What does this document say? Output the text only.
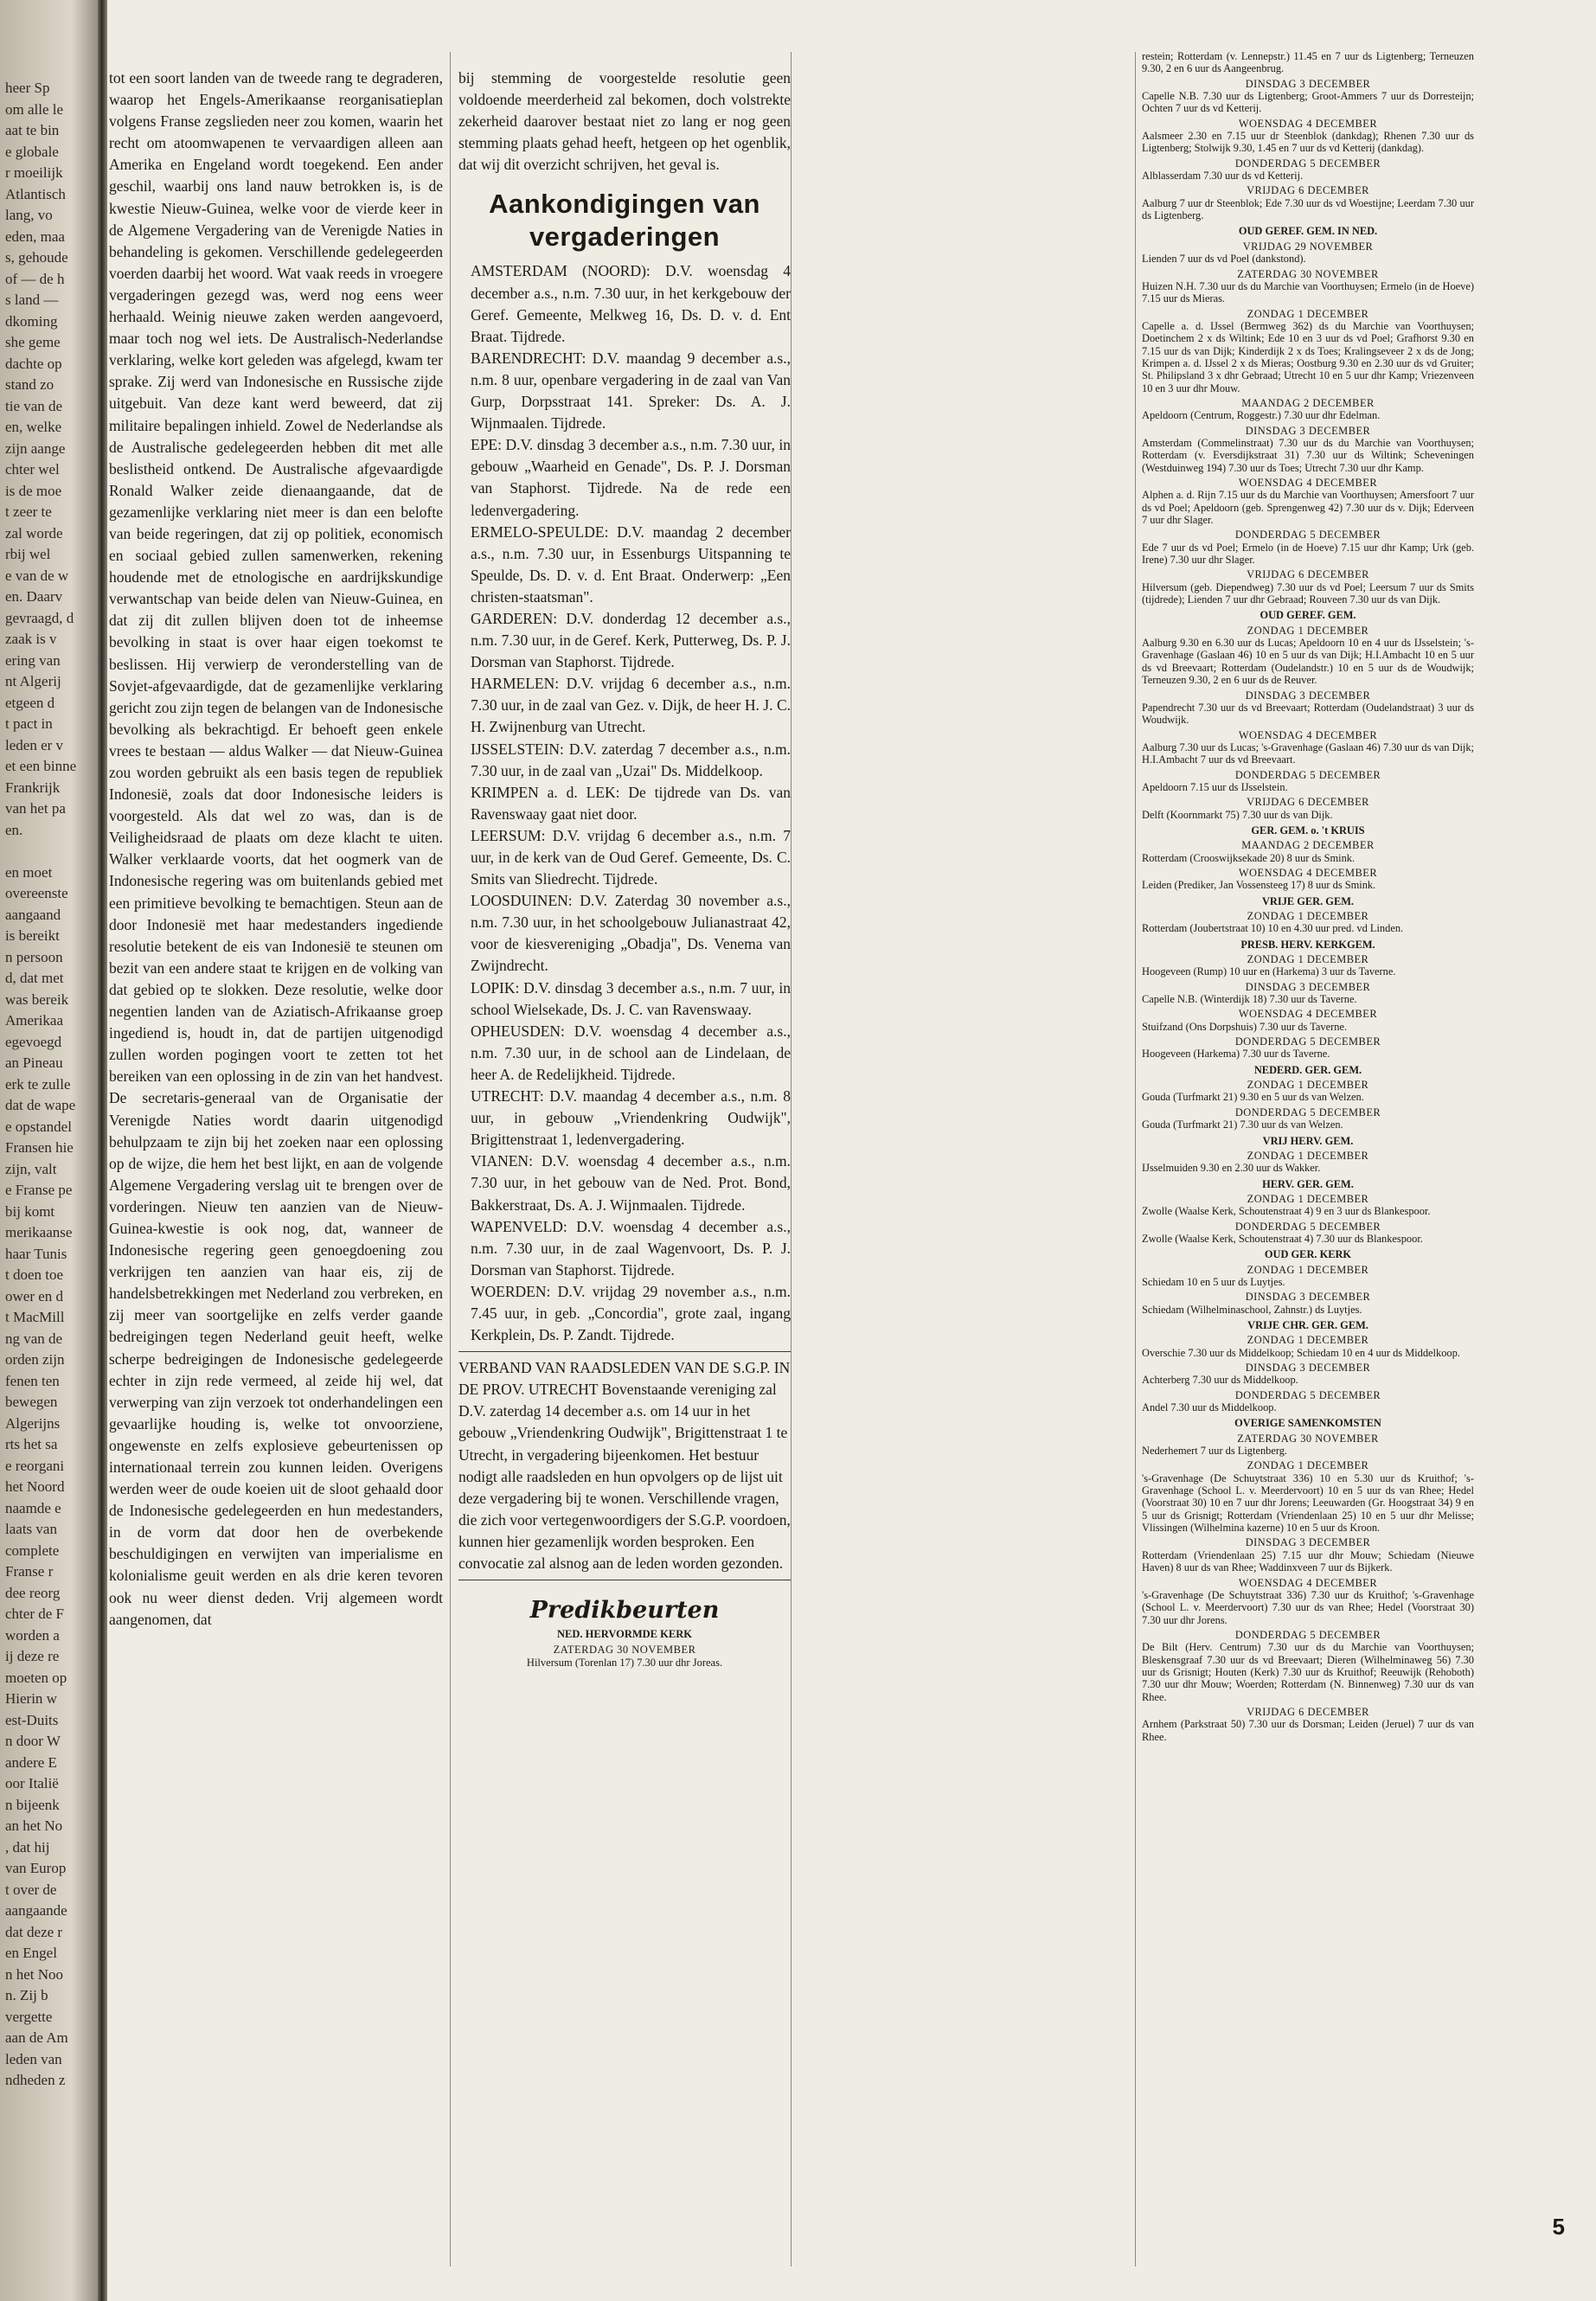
heer Sp
om alle le
aat te bin
e globale
r moeilijk
Atlantisch
lang, vo
eden, maa
s, gehoude
of — de h
s land —
dkoming
she geme
dachte op
stand zo
tie van de
en, welke
zijn aange
chter wel
is de moe
t zeer te
zal worde
rbij wel
e van de w
en. Daarv
gevraagd, d
zaak is v
ering van
nt Algerij
etgeen d
t pact in
leden er v
et een binne
Frankrijk
van het pa
en.

en moet
overeenste
aangaand
is bereikt
n persoon
d, dat met
was bereik
Amerikaa
egevoegd
an Pineau
erk te zulle
dat de wape
e opstandel
Fransen hie
zijn, valt
e Franse pe
bij komt
merikaanse
haar Tunis
t doen toe
ower en d
t MacMill
ng van de
orden zijn
fenen ten
bewegen
Algerijns
rts het sa
e reorgani
het Noord
naamde e
laats van
complete
Franse r
dee reorg
chter de F
worden a
ij deze re
moeten op
Hierin w
est-Duits
n door W
andere E
oor Italië
n bijeenk
an het No
, dat hij
van Europ
t over de
aangaande
dat deze r
en Engel
n het Noo
n. Zij b
vergette
aan de Am
leden van
ndheden z

tot een soort landen van de tweede rang te degraderen, waarop het Engels-Amerikaanse reorganisatieplan volgens Franse zegslieden neer zou komen, waarin het recht om atoomwapenen te vervaardigen alleen aan Amerika en Engeland wordt toegekend. Een ander geschil, waarbij ons land nauw betrokken is, is de kwestie Nieuw-Guinea, welke voor de vierde keer in de Algemene Vergadering van de Verenigde Naties in behandeling is gekomen. Verschillende gedelegeerden voerden daarbij het woord. Wat vaak reeds in vroegere vergaderingen gezegd was, werd nog eens weer herhaald. Weinig nieuwe zaken werden aangevoerd, maar toch nog wel iets. De Australisch-Nederlandse verklaring, welke kort geleden was afgelegd, kwam ter sprake. Zij werd van Indonesische en Russische zijde uitgebuit. Van deze kant werd beweerd, dat zij militaire bepalingen inhield. Zowel de Nederlandse als de Australische gedelegeerden hebben dit met alle beslistheid ontkend. De Australische afgevaardigde Ronald Walker zeide dienaangaande, dat de gezamenlijke verklaring niet meer is dan een belofte van beide regeringen, dat zij op politiek, economisch en sociaal gebied zullen samenwerken, rekening houdende met de etnologische en aardrijkskundige verwantschap van beide delen van Nieuw-Guinea, en dat zij dit zullen blijven doen tot de inheemse bevolking in staat is over haar eigen toekomst te beslissen. Hij verwierp de veronderstelling van de Sovjet-afgevaardigde, dat de gezamenlijke verklaring gericht zou zijn tegen de belangen van de Indonesische bevolking als bekrachtigd. Er behoeft geen enkele vrees te bestaan — aldus Walker — dat Nieuw-Guinea zou worden gebruikt als een basis tegen de republiek Indonesië, zoals dat door Indonesische leiders is voorgesteld. Als dat wel zo was, dan is de Veiligheidsraad de plaats om deze klacht te uiten. Walker verklaarde voorts, dat het oogmerk van de Indonesische regering was om buitenlands gebied met een primitieve bevolking te bemachtigen. Steun aan de door Indonesië met haar medestanders ingediende resolutie betekent de eis van Indonesië te steunen om bezit van een andere staat te krijgen en de volking van dat gebied op te slokken. Deze resolutie, welke door negentien landen van de Aziatisch-Afrikaanse groep ingediend is, houdt in, dat de partijen uitgenodigd zullen worden pogingen voort te zetten tot het bereiken van een oplossing in de zin van het handvest. De secretaris-generaal van de Organisatie der Verenigde Naties wordt daarin uitgenodigd behulpzaam te zijn bij het zoeken naar een oplossing op de wijze, die hem het best lijkt, en aan de volgende Algemene Vergadering verslag uit te brengen over de vorderingen. Nieuw ten aanzien van de Nieuw-Guinea-kwestie is ook nog, dat, wanneer de Indonesische regering geen genoegdoening zou verkrijgen ten aanzien van haar eis, zij de handelsbetrekkingen met Nederland zou verbreken, en zij meer van soortgelijke en zelfs verder gaande bedreigingen tegen Nederland geuit heeft, welke scherpe bedreigingen de Indonesische gedelegeerde echter in zijn rede vermeed, al zeide hij wel, dat verwerping van zijn verzoek tot onderhandelingen een gevaarlijke houding is, welke tot onvoorziene, ongewenste en zelfs explosieve gebeurtenissen op internationaal terrein zou kunnen leiden. Overigens werden weer de oude koeien uit de sloot gehaald door de Indonesische gedelegeerden en hun medestanders, in de vorm dat door hen de overbekende beschuldigingen en verwijten van imperialisme en kolonialisme geuit werden en als drie keren tevoren ook nu weer dienst deden. Vrij algemeen wordt aangenomen, dat

bij stemming de voorgestelde resolutie geen voldoende meerderheid zal bekomen, doch volstrekte zekerheid daarover bestaat niet zo lang er nog geen stemming plaats gehad heeft, hetgeen op het ogenblik, dat wij dit overzicht schrijven, het geval is.

Aankondigingen van vergaderingen

AMSTERDAM (NOORD): D.V. woensdag 4 december a.s., n.m. 7.30 uur, in het kerkgebouw der Geref. Gemeente, Melkweg 16, Ds. D. v. d. Ent Braat. Tijdrede.

BARENDRECHT: D.V. maandag 9 december a.s., n.m. 8 uur, openbare vergadering in de zaal van Van Gurp, Dorpsstraat 141. Spreker: Ds. A. J. Wijnmaalen. Tijdrede.

EPE: D.V. dinsdag 3 december a.s., n.m. 7.30 uur, in gebouw „Waarheid en Genade", Ds. P. J. Dorsman van Staphorst. Tijdrede. Na de rede een ledenvergadering.

ERMELO-SPEULDE: D.V. maandag 2 december a.s., n.m. 7.30 uur, in Essenburgs Uitspanning te Speulde, Ds. D. v. d. Ent Braat. Onderwerp: „Een christen-staatsman".

GARDEREN: D.V. donderdag 12 december a.s., n.m. 7.30 uur, in de Geref. Kerk, Putterweg, Ds. P. J. Dorsman van Staphorst. Tijdrede.

HARMELEN: D.V. vrijdag 6 december a.s., n.m. 7.30 uur, in de zaal van Gez. v. Dijk, de heer H. J. C. H. Zwijnenburg van Utrecht.

IJSSELSTEIN: D.V. zaterdag 7 december a.s., n.m. 7.30 uur, in de zaal van „Uzai" Ds. Middelkoop.

KRIMPEN a. d. LEK: De tijdrede van Ds. van Ravenswaay gaat niet door.

LEERSUM: D.V. vrijdag 6 december a.s., n.m. 7 uur, in de kerk van de Oud Geref. Gemeente, Ds. C. Smits van Sliedrecht. Tijdrede.

LOOSDUINEN: D.V. Zaterdag 30 november a.s., n.m. 7.30 uur, in het schoolgebouw Julianastraat 42, voor de kiesvereniging „Obadja", Ds. Venema van Zwijndrecht.

LOPIK: D.V. dinsdag 3 december a.s., n.m. 7 uur, in school Wielsekade, Ds. J. C. van Ravenswaay.

OPHEUSDEN: D.V. woensdag 4 december a.s., n.m. 7.30 uur, in de school aan de Lindelaan, de heer A. de Redelijkheid. Tijdrede.

UTRECHT: D.V. maandag 4 december a.s., n.m. 8 uur, in gebouw „Vriendenkring Oudwijk", Brigittenstraat 1, ledenvergadering.

VIANEN: D.V. woensdag 4 december a.s., n.m. 7.30 uur, in het gebouw van de Ned. Prot. Bond, Bakkerstraat, Ds. A. J. Wijnmaalen. Tijdrede.

WAPENVELD: D.V. woensdag 4 december a.s., n.m. 7.30 uur, in de zaal Wagenvoort, Ds. P. J. Dorsman van Staphorst. Tijdrede.

WOERDEN: D.V. vrijdag 29 november a.s., n.m. 7.45 uur, in geb. „Concordia", grote zaal, ingang Kerkplein, Ds. P. Zandt. Tijdrede.

VERBAND VAN RAADSLEDEN VAN DE S.G.P. IN DE PROV. UTRECHT Bovenstaande vereniging zal D.V. zaterdag 14 december a.s. om 14 uur in het gebouw „Vriendenkring Oudwijk", Brigittenstraat 1 te Utrecht, in vergadering bijeenkomen. Het bestuur nodigt alle raadsleden en hun opvolgers op de lijst uit deze vergadering bij te wonen. Verschillende vragen, die zich voor vertegenwoordigers der S.G.P. voordoen, kunnen hier gezamenlijk worden besproken. Een convocatie zal alsnog aan de leden worden gezonden.

Predikbeurten
NED. HERVORMDE KERK
ZATERDAG 30 NOVEMBER
Hilversum (Torenlan 17) 7.30 uur dhr Joreas.
restein; Rotterdam (v. Lennepstr.) 11.45 en 7 uur ds Ligtenberg; Terneuzen 9.30, 2 en 6 uur ds Aangeenbrug.
DINSDAG 3 DECEMBER
Capelle N.B. 7.30 uur ds Ligtenberg; Groot-Ammers 7 uur ds Dorresteijn; Ochten 7 uur ds vd Ketterij.
WOENSDAG 4 DECEMBER
Aalsmeer 2.30 en 7.15 uur dr Steenblok (dankdag); Rhenen 7.30 uur ds Ligtenberg; Stolwijk 9.30, 1.45 en 7 uur ds vd Ketterij (dankdag).
DONDERDAG 5 DECEMBER
Alblasserdam 7.30 uur ds vd Ketterij.
VRIJDAG 6 DECEMBER
Aalburg 7 uur dr Steenblok; Ede 7.30 uur ds vd Woestijne; Leerdam 7.30 uur ds Ligtenberg.
OUD GEREF. GEM. IN NED.
VRIJDAG 29 NOVEMBER
Lienden 7 uur ds vd Poel (dankstond).
ZATERDAG 30 NOVEMBER
Huizen N.H. 7.30 uur ds du Marchie van Voorthuysen; Ermelo (in de Hoeve) 7.15 uur ds Mieras.
ZONDAG 1 DECEMBER
Capelle a. d. IJssel (Bermweg 362) ds du Marchie van Voorthuysen; Doetinchem 2 x ds Wiltink; Ede 10 en 3 uur ds vd Poel; Grafhorst 9.30 en 7.15 uur ds van Dijk; Kinderdijk 2 x ds Toes; Kralingseveer 2 x ds de Jong; Krimpen a. d. IJssel 2 x ds Mieras; Oostburg 9.30 en 2.30 uur ds vd Gruiter; St. Philipsland 3 x dhr Gebraad; Utrecht 10 en 5 uur dhr Kamp; Vriezenveen 10 en 3 uur dhr Mouw.
MAANDAG 2 DECEMBER
Apeldoorn (Centrum, Roggestr.) 7.30 uur dhr Edelman.
DINSDAG 3 DECEMBER
Amsterdam (Commelinstraat) 7.30 uur ds du Marchie van Voorthuysen; Rotterdam (v. Eversdijkstraat 31) 7.30 uur ds Wiltink; Scheveningen (Westduinweg 194) 7.30 uur ds Toes; Utrecht 7.30 uur dhr Kamp.
WOENSDAG 4 DECEMBER
Alphen a. d. Rijn 7.15 uur ds du Marchie van Voorthuysen; Amersfoort 7 uur ds vd Poel; Apeldoorn (geb. Sprengenweg 42) 7.30 uur ds v. Dijk; Ederveen 7 uur dhr Slager.
DONDERDAG 5 DECEMBER
Ede 7 uur ds vd Poel; Ermelo (in de Hoeve) 7.15 uur dhr Kamp; Urk (geb. Irene) 7.30 uur dhr Slager.
VRIJDAG 6 DECEMBER
Hilversum (geb. Diependweg) 7.30 uur ds vd Poel; Leersum 7 uur ds Smits (tijdrede); Lienden 7 uur dhr Gebraad; Rouveen 7.30 uur ds van Dijk.
OUD GEREF. GEM.
ZONDAG 1 DECEMBER
Aalburg 9.30 en 6.30 uur ds Lucas; Apeldoorn 10 en 4 uur ds IJsselstein; 's-Gravenhage (Gaslaan 46) 10 en 5 uur ds van Dijk; H.I.Ambacht 10 en 5 uur ds vd Breevaart; Rotterdam (Oudelandstr.) 10 en 5 uur ds de Woudwijk; Terneuzen 9.30, 2 en 6 uur ds de Reuver.
DINSDAG 3 DECEMBER
Papendrecht 7.30 uur ds vd Breevaart; Rotterdam (Oudelandstraat) 3 uur ds Woudwijk.
WOENSDAG 4 DECEMBER
Aalburg 7.30 uur ds Lucas; 's-Gravenhage (Gaslaan 46) 7.30 uur ds van Dijk; H.I.Ambacht 7 uur ds vd Breevaart.
DONDERDAG 5 DECEMBER
Apeldoorn 7.15 uur ds IJsselstein.
VRIJDAG 6 DECEMBER
Delft (Koornmarkt 75) 7.30 uur ds van Dijk.
GER. GEM. o. 't KRUIS
MAANDAG 2 DECEMBER
Rotterdam (Crooswijksekade 20) 8 uur ds Smink.
WOENSDAG 4 DECEMBER
Leiden (Prediker, Jan Vossensteeg 17) 8 uur ds Smink.
VRIJE GER. GEM.
ZONDAG 1 DECEMBER
Rotterdam (Joubertstraat 10) 10 en 4.30 uur pred. vd Linden.
PRESB. HERV. KERKGEM.
ZONDAG 1 DECEMBER
Hoogeveen (Rump) 10 uur en (Harkema) 3 uur ds Taverne.
DINSDAG 3 DECEMBER
Capelle N.B. (Winterdijk 18) 7.30 uur ds Taverne.
WOENSDAG 4 DECEMBER
Stuifzand (Ons Dorpshuis) 7.30 uur ds Taverne.
DONDERDAG 5 DECEMBER
Hoogeveen (Harkema) 7.30 uur ds Taverne.
NEDERD. GER. GEM.
ZONDAG 1 DECEMBER
Gouda (Turfmarkt 21) 9.30 en 5 uur ds van Welzen.
DONDERDAG 5 DECEMBER
Gouda (Turfmarkt 21) 7.30 uur ds van Welzen.
VRIJ HERV. GEM.
ZONDAG 1 DECEMBER
IJsselmuiden 9.30 en 2.30 uur ds Wakker.
HERV. GER. GEM.
ZONDAG 1 DECEMBER
Zwolle (Waalse Kerk, Schoutenstraat 4) 9 en 3 uur ds Blankespoor.
DONDERDAG 5 DECEMBER
Zwolle (Waalse Kerk, Schoutenstraat 4) 7.30 uur ds Blankespoor.
OUD GER. KERK
ZONDAG 1 DECEMBER
Schiedam 10 en 5 uur ds Luytjes.
DINSDAG 3 DECEMBER
Schiedam (Wilhelminaschool, Zahnstr.) ds Luytjes.
VRIJE CHR. GER. GEM.
ZONDAG 1 DECEMBER
Overschie 7.30 uur ds Middelkoop; Schiedam 10 en 4 uur ds Middelkoop.
DINSDAG 3 DECEMBER
Achterberg 7.30 uur ds Middelkoop.
DONDERDAG 5 DECEMBER
Andel 7.30 uur ds Middelkoop.
OVERIGE SAMENKOMSTEN
ZATERDAG 30 NOVEMBER
Nederhemert 7 uur ds Ligtenberg.
ZONDAG 1 DECEMBER
's-Gravenhage (De Schuytstraat 336) 10 en 5.30 uur ds Kruithof; 's-Gravenhage (School L. v. Meerdervoort) 10 en 5 uur ds van Rhee; Hedel (Voorstraat 30) 10 en 7 uur dhr Jorens; Leeuwarden (Gr. Hoogstraat 34) 9 en 5 uur ds Grisnigt; Rotterdam (Vriendenlaan 25) 10 en 5 uur dhr Melisse; Vlissingen (Wilhelmina kazerne) 10 en 5 uur ds Kroon.
DINSDAG 3 DECEMBER
Rotterdam (Vriendenlaan 25) 7.15 uur dhr Mouw; Schiedam (Nieuwe Haven) 8 uur ds van Rhee; Waddinxveen 7 uur ds Bijkerk.
WOENSDAG 4 DECEMBER
's-Gravenhage (De Schuytstraat 336) 7.30 uur ds Kruithof; 's-Gravenhage (School L. v. Meerdervoort) 7.30 uur ds van Rhee; Hedel (Voorstraat 30) 7.30 uur dhr Jorens.
DONDERDAG 5 DECEMBER
De Bilt (Herv. Centrum) 7.30 uur ds du Marchie van Voorthuysen; Bleskensgraaf 7.30 uur ds vd Breevaart; Dieren (Wilhelminaweg 56) 7.30 uur ds Grisnigt; Houten (Kerk) 7.30 uur ds Kruithof; Reeuwijk (Rehoboth) 7.30 uur dhr Mouw; Woerden; Rotterdam (N. Binnenweg) 7.30 uur ds van Rhee.
VRIJDAG 6 DECEMBER
Arnhem (Parkstraat 50) 7.30 uur ds Dorsman; Leiden (Jeruel) 7 uur ds van Rhee.
5
